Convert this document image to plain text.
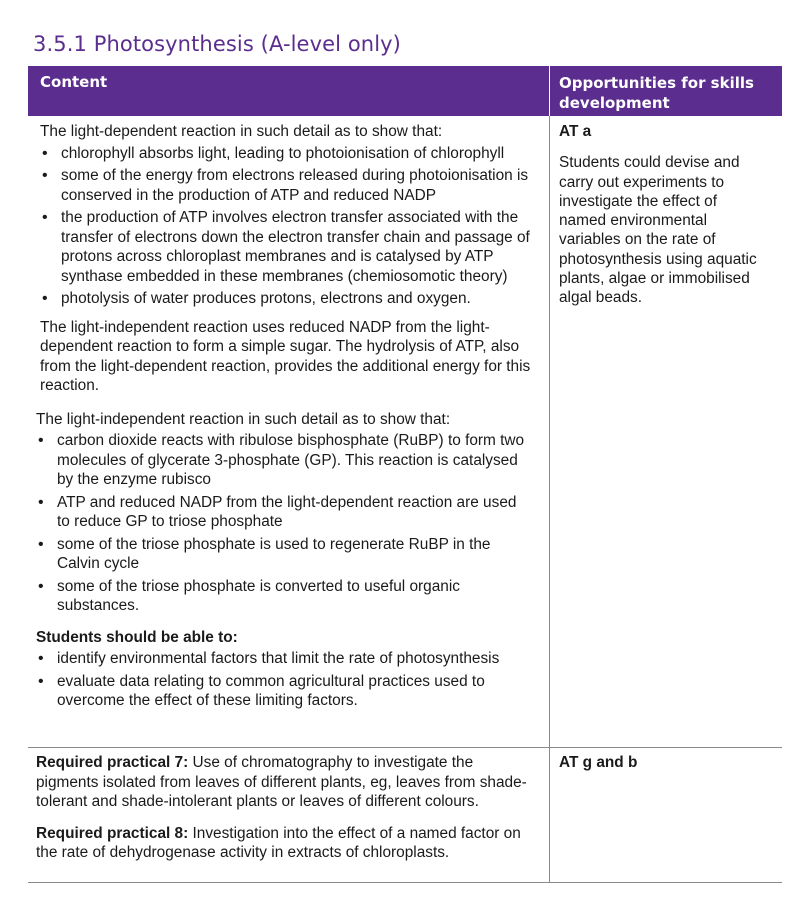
3.5.1 Photosynthesis (A-level only)
Content	Opportunities for skills development

The light-dependent reaction in such detail as to show that:

• chlorophyll absorbs light, leading to photoionisation of chlorophyll
• some of the energy from electrons released during photoionisation is conserved in the production of ATP and reduced NADP
• the production of ATP involves electron transfer associated with the transfer of electrons down the electron transfer chain and passage of protons across chloroplast membranes and is catalysed by ATP synthase embedded in these membranes (chemiosomotic theory)
• photolysis of water produces protons, electrons and oxygen.

The light-independent reaction uses reduced NADP from the light-dependent reaction to form a simple sugar. The hydrolysis of ATP, also from the light-dependent reaction, provides the additional energy for this reaction.

The light-independent reaction in such detail as to show that:

• carbon dioxide reacts with ribulose bisphosphate (RuBP) to form two molecules of glycerate 3-phosphate (GP). This reaction is catalysed by the enzyme rubisco
• ATP and reduced NADP from the light-dependent reaction are used to reduce GP to triose phosphate
• some of the triose phosphate is used to regenerate RuBP in the Calvin cycle
• some of the triose phosphate is converted to useful organic substances.

Students should be able to:

• identify environmental factors that limit the rate of photosynthesis
• evaluate data relating to common agricultural practices used to overcome the effect of these limiting factors.

AT a

Students could devise and carry out experiments to investigate the effect of named environmental variables on the rate of photosynthesis using aquatic plants, algae or immobilised algal beads.

Required practical 7: Use of chromatography to investigate the pigments isolated from leaves of different plants, eg, leaves from shade-tolerant and shade-intolerant plants or leaves of different colours.

Required practical 8: Investigation into the effect of a named factor on the rate of dehydrogenase activity in extracts of chloroplasts.

AT g and b
